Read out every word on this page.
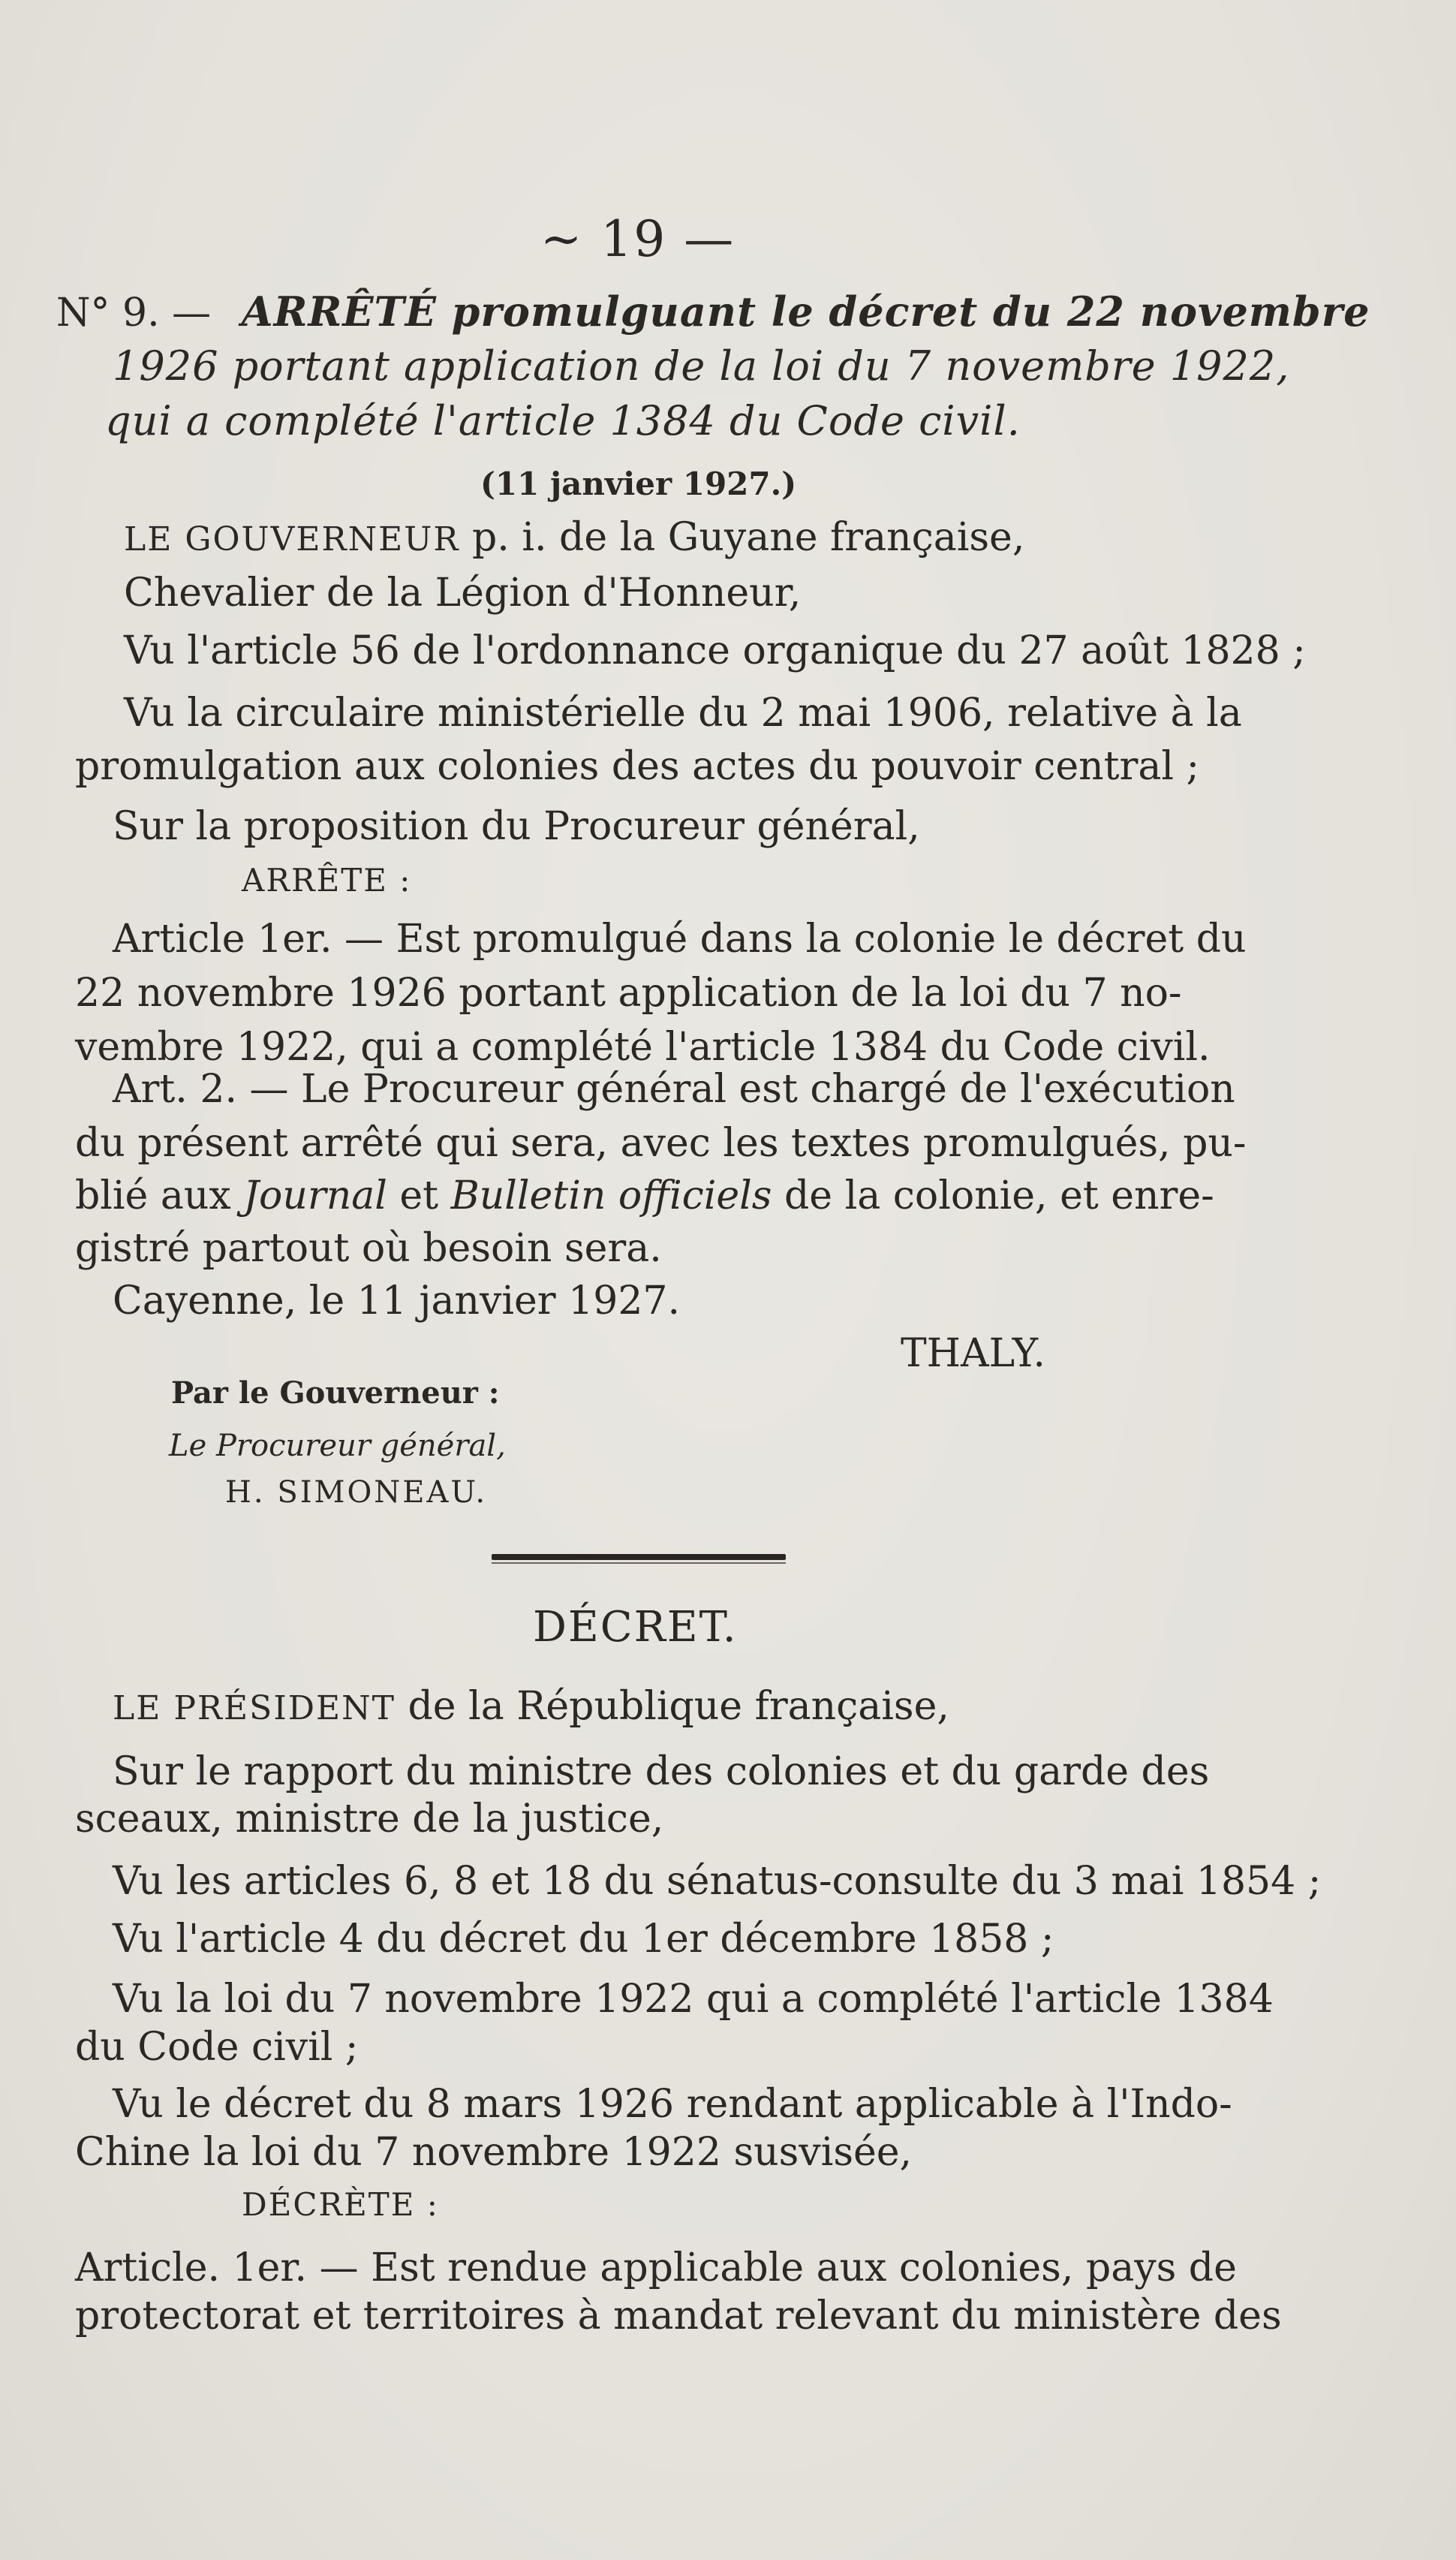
~ 19 —
N° 9. — ARRÊTÉ promulguant le décret du 22 novembre
1926 portant application de la loi du 7 novembre 1922,
qui a complété l'article 1384 du Code civil.
(11 janvier 1927.)
LE GOUVERNEUR p. i. de la Guyane française,
Chevalier de la Légion d'Honneur,
Vu l'article 56 de l'ordonnance organique du 27 août 1828 ;
Vu la circulaire ministérielle du 2 mai 1906, relative à la
promulgation aux colonies des actes du pouvoir central ;
Sur la proposition du Procureur général,
ARRÊTE :
Article 1er. — Est promulgué dans la colonie le décret du
22 novembre 1926 portant application de la loi du 7 no-
vembre 1922, qui a complété l'article 1384 du Code civil.
Art. 2. — Le Procureur général est chargé de l'exécution
du présent arrêté qui sera, avec les textes promulgués, pu-
blié aux Journal et Bulletin officiels de la colonie, et enre-
gistré partout où besoin sera.
Cayenne, le 11 janvier 1927.
THALY.
Par le Gouverneur :
Le Procureur général,
H. SIMONEAU.
DÉCRET.
LE PRÉSIDENT de la République française,
Sur le rapport du ministre des colonies et du garde des
sceaux, ministre de la justice,
Vu les articles 6, 8 et 18 du sénatus-consulte du 3 mai 1854 ;
Vu l'article 4 du décret du 1er décembre 1858 ;
Vu la loi du 7 novembre 1922 qui a complété l'article 1384
du Code civil ;
Vu le décret du 8 mars 1926 rendant applicable à l'Indo-
Chine la loi du 7 novembre 1922 susvisée,
DÉCRÈTE :
Article. 1er. — Est rendue applicable aux colonies, pays de
protectorat et territoires à mandat relevant du ministère des
